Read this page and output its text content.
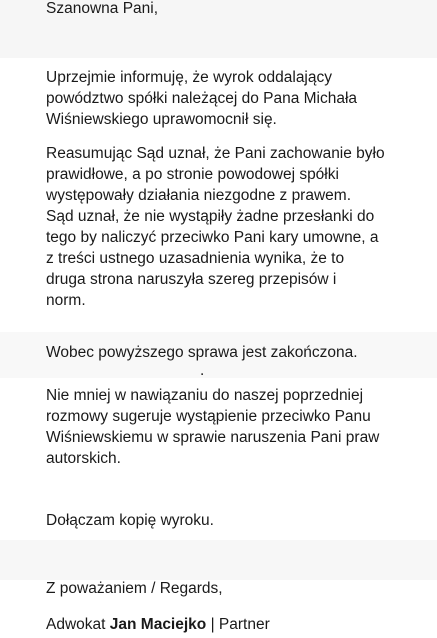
Szanowna Pani,

Uprzejmie informuję, że wyrok oddalający
powództwo spółki należącej do Pana Michała
Wiśniewskiego uprawomocnił się.

Reasumując Sąd uznał, że Pani zachowanie było
prawidłowe, a po stronie powodowej spółki
występowały działania niezgodne z prawem.
Sąd uznał, że nie wystąpiły żadne przesłanki do
tego by naliczyć przeciwko Pani kary umowne, a
z treści ustnego uzasadnienia wynika, że to
druga strona naruszyła szereg przepisów i
norm.

Wobec powyższego sprawa jest zakończona.

.

Nie mniej w nawiązaniu do naszej poprzedniej
rozmowy sugeruje wystąpienie przeciwko Panu
Wiśniewskiemu w sprawie naruszenia Pani praw
autorskich.

Dołączam kopię wyroku.

Z poważaniem / Regards,

Adwokat Jan Maciejko | Partner
